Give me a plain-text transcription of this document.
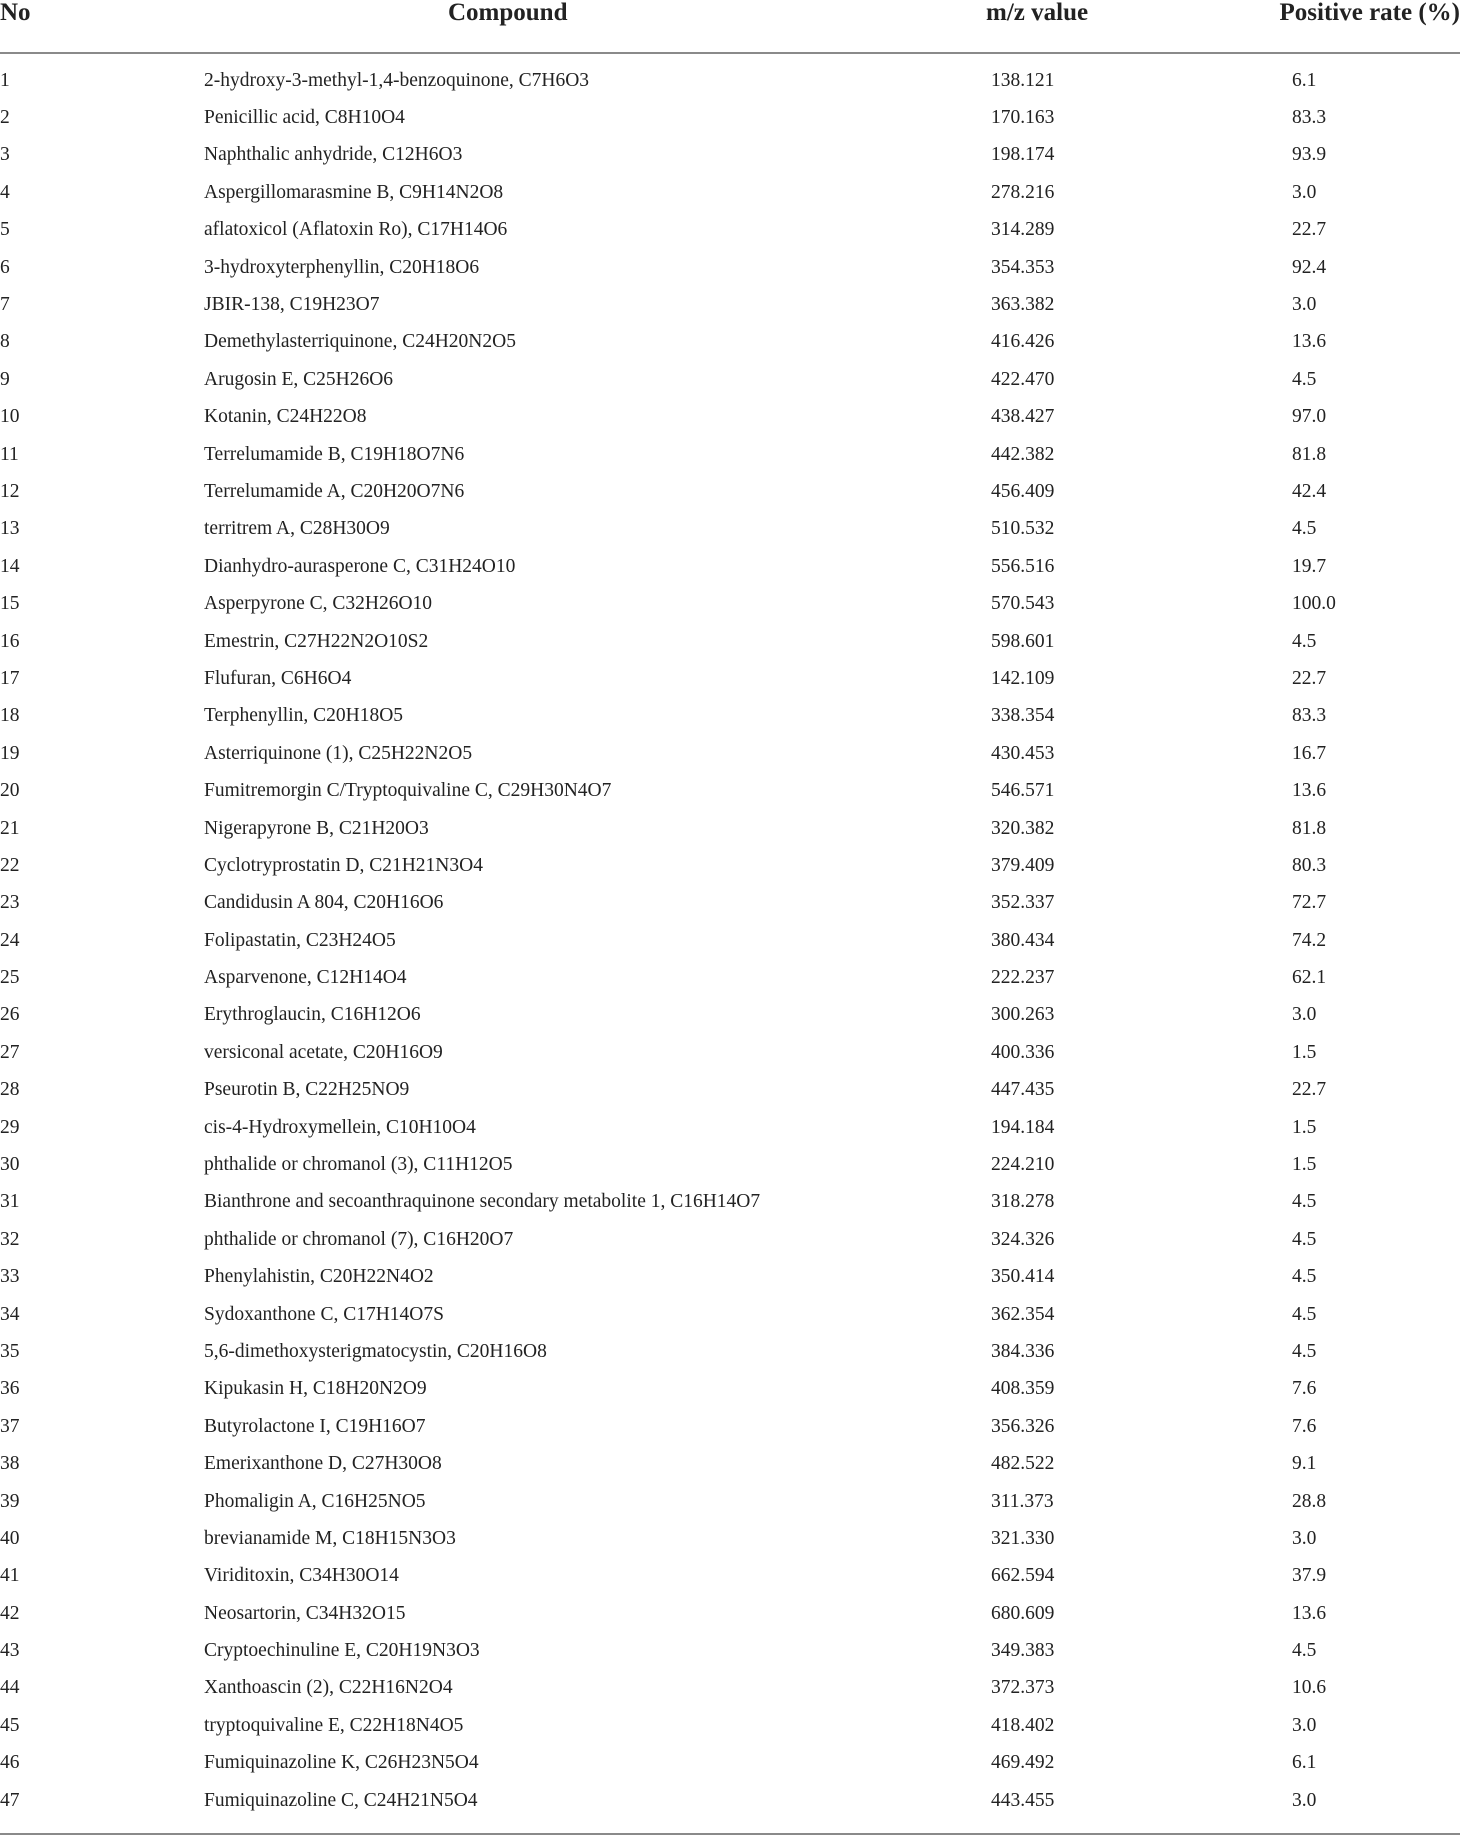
No	Compound	m/z value	Positive rate (%)
1	2-hydroxy-3-methyl-1,4-benzoquinone, C7H6O3	138.121	6.1
2	Penicillic acid, C8H10O4	170.163	83.3
3	Naphthalic anhydride, C12H6O3	198.174	93.9
4	Aspergillomarasmine B, C9H14N2O8	278.216	3.0
5	aflatoxicol (Aflatoxin Ro), C17H14O6	314.289	22.7
6	3-hydroxyterphenyllin, C20H18O6	354.353	92.4
7	JBIR-138, C19H23O7	363.382	3.0
8	Demethylasterriquinone, C24H20N2O5	416.426	13.6
9	Arugosin E, C25H26O6	422.470	4.5
10	Kotanin, C24H22O8	438.427	97.0
11	Terrelumamide B, C19H18O7N6	442.382	81.8
12	Terrelumamide A, C20H20O7N6	456.409	42.4
13	territrem A, C28H30O9	510.532	4.5
14	Dianhydro-aurasperone C, C31H24O10	556.516	19.7
15	Asperpyrone C, C32H26O10	570.543	100.0
16	Emestrin, C27H22N2O10S2	598.601	4.5
17	Flufuran, C6H6O4	142.109	22.7
18	Terphenyllin, C20H18O5	338.354	83.3
19	Asterriquinone (1), C25H22N2O5	430.453	16.7
20	Fumitremorgin C/Tryptoquivaline C, C29H30N4O7	546.571	13.6
21	Nigerapyrone B, C21H20O3	320.382	81.8
22	Cyclotryprostatin D, C21H21N3O4	379.409	80.3
23	Candidusin A 804, C20H16O6	352.337	72.7
24	Folipastatin, C23H24O5	380.434	74.2
25	Asparvenone, C12H14O4	222.237	62.1
26	Erythroglaucin, C16H12O6	300.263	3.0
27	versiconal acetate, C20H16O9	400.336	1.5
28	Pseurotin B, C22H25NO9	447.435	22.7
29	cis-4-Hydroxymellein, C10H10O4	194.184	1.5
30	phthalide or chromanol (3), C11H12O5	224.210	1.5
31	Bianthrone and secoanthraquinone secondary metabolite 1, C16H14O7	318.278	4.5
32	phthalide or chromanol (7), C16H20O7	324.326	4.5
33	Phenylahistin, C20H22N4O2	350.414	4.5
34	Sydoxanthone C, C17H14O7S	362.354	4.5
35	5,6-dimethoxysterigmatocystin, C20H16O8	384.336	4.5
36	Kipukasin H, C18H20N2O9	408.359	7.6
37	Butyrolactone I, C19H16O7	356.326	7.6
38	Emerixanthone D, C27H30O8	482.522	9.1
39	Phomaligin A, C16H25NO5	311.373	28.8
40	brevianamide M, C18H15N3O3	321.330	3.0
41	Viriditoxin, C34H30O14	662.594	37.9
42	Neosartorin, C34H32O15	680.609	13.6
43	Cryptoechinuline E, C20H19N3O3	349.383	4.5
44	Xanthoascin (2), C22H16N2O4	372.373	10.6
45	tryptoquivaline E, C22H18N4O5	418.402	3.0
46	Fumiquinazoline K, C26H23N5O4	469.492	6.1
47	Fumiquinazoline C, C24H21N5O4	443.455	3.0
